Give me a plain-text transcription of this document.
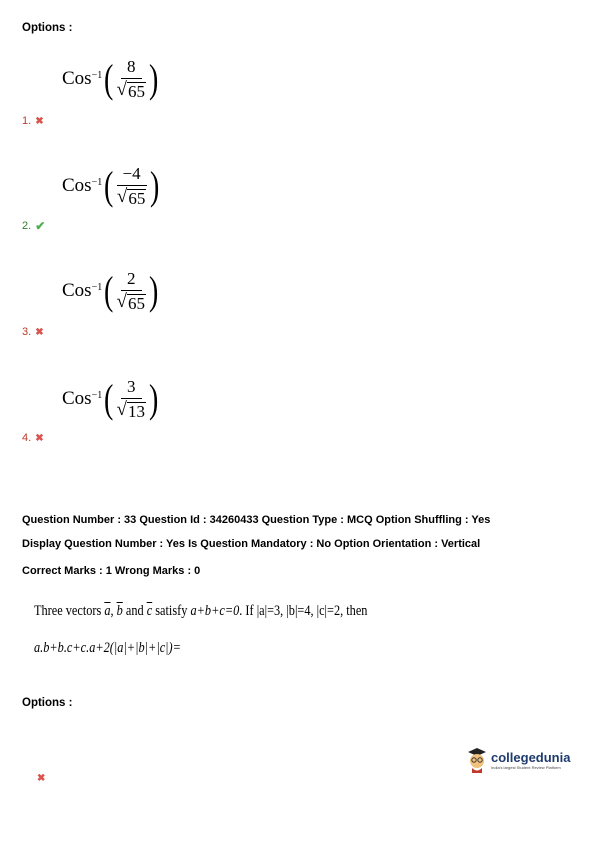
Options :
Cos$^{-1}$ ( $\frac{8}{√ 65}$ )
1. ✖
Cos$^{-1}$ ( $\frac{-4}{√ 65}$ )
2. ✔
Cos$^{-1}$ ( $\frac{2}{√ 65}$ )
3. ✖
Cos$^{-1}$ ( $\frac{3}{√ 13}$ )
4. ✖
Question Number : 33 Question Id : 34260433 Question Type : MCQ Option Shuffling : Yes
Display Question Number : Yes Is Question Mandatory : No Option Orientation : Vertical
Correct Marks : 1 Wrong Marks : 0
Three vectors $\overline{a}$, $\overline{b}$ and $\overline{c}$ satisfy a+b+c=0. If |a|=3, |b|=4, |c|=2, then
a.b+b.c+c.a+2(|a|+|b|+|c|)=
Options :
collegedunia
India's largest Student Review Platform
✖
